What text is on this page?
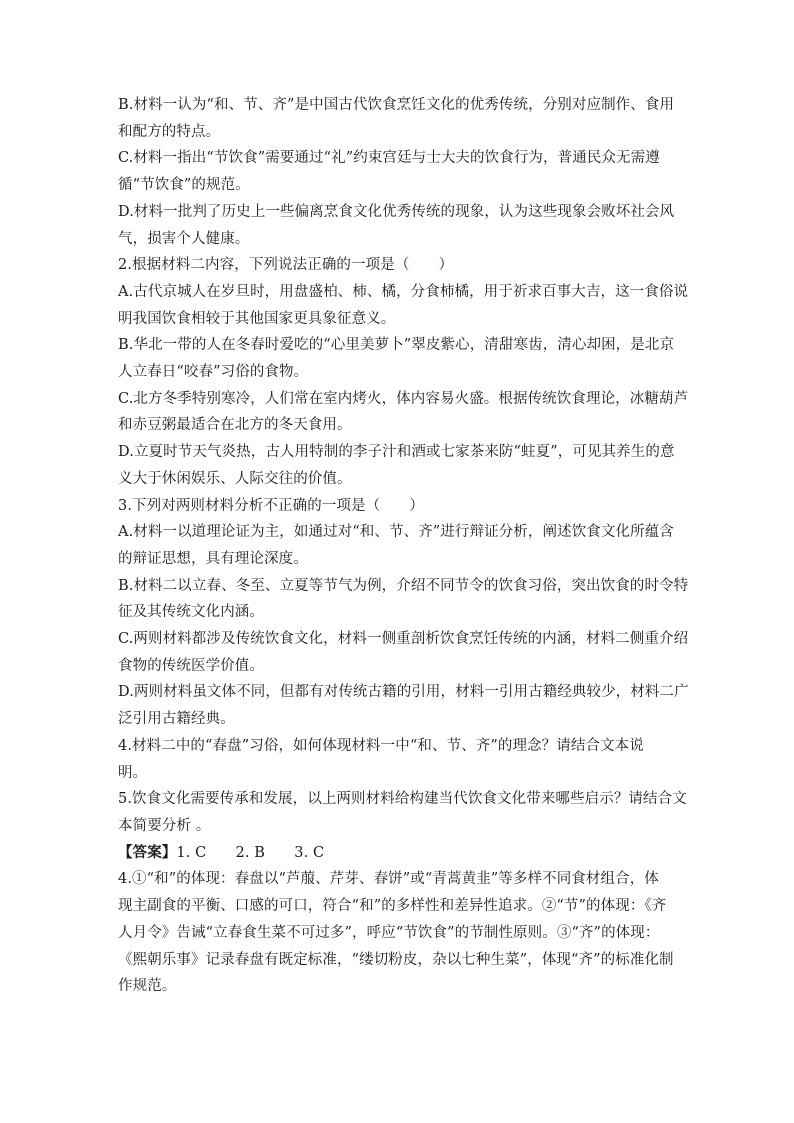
B.材料一认为“和、节、齐”是中国古代饮食烹饪文化的优秀传统，分别对应制作、食用
和配方的特点。
C.材料一指出“节饮食”需要通过“礼”约束宫廷与士大夫的饮食行为，普通民众无需遵
循“节饮食”的规范。
D.材料一批判了历史上一些偏离烹食文化优秀传统的现象，认为这些现象会败坏社会风
气，损害个人健康。
2.根据材料二内容，下列说法正确的一项是（　　）
A.古代京城人在岁旦时，用盘盛柏、柿、橘，分食柿橘，用于祈求百事大吉，这一食俗说
明我国饮食相较于其他国家更具象征意义。
B.华北一带的人在冬春时爱吃的“心里美萝卜”翠皮紫心，清甜寒齿，清心却困，是北京
人立春日“咬春”习俗的食物。
C.北方冬季特别寒冷，人们常在室内烤火，体内容易火盛。根据传统饮食理论，冰糖葫芦
和赤豆粥最适合在北方的冬天食用。
D.立夏时节天气炎热，古人用特制的李子汁和酒或七家茶来防“蛀夏”，可见其养生的意
义大于休闲娱乐、人际交往的价值。
3.下列对两则材料分析不正确的一项是（　　）
A.材料一以道理论证为主，如通过对“和、节、齐”进行辩证分析，阐述饮食文化所蕴含
的辩证思想，具有理论深度。
B.材料二以立春、冬至、立夏等节气为例，介绍不同节令的饮食习俗，突出饮食的时令特
征及其传统文化内涵。
C.两则材料都涉及传统饮食文化，材料一侧重剖析饮食烹饪传统的内涵，材料二侧重介绍
食物的传统医学价值。
D.两则材料虽文体不同，但都有对传统古籍的引用，材料一引用古籍经典较少，材料二广
泛引用古籍经典。
4.材料二中的“春盘”习俗，如何体现材料一中“和、节、齐”的理念？请结合文本说
明。
5.饮食文化需要传承和发展，以上两则材料给构建当代饮食文化带来哪些启示？请结合文
本简要分析 。
【答案】1. C　　2. B　　3. C
4.①“和”的体现：春盘以“芦菔、芹芽、春饼”或“青蒿黄韭”等多样不同食材组合，体
现主副食的平衡、口感的可口，符合“和”的多样性和差异性追求。②“节”的体现：《齐
人月令》告诫“立春食生菜不可过多”，呼应“节饮食”的节制性原则。③“齐”的体现：
《熙朝乐事》记录春盘有既定标准，“缕切粉皮，杂以七种生菜”，体现“齐”的标准化制
作规范。
